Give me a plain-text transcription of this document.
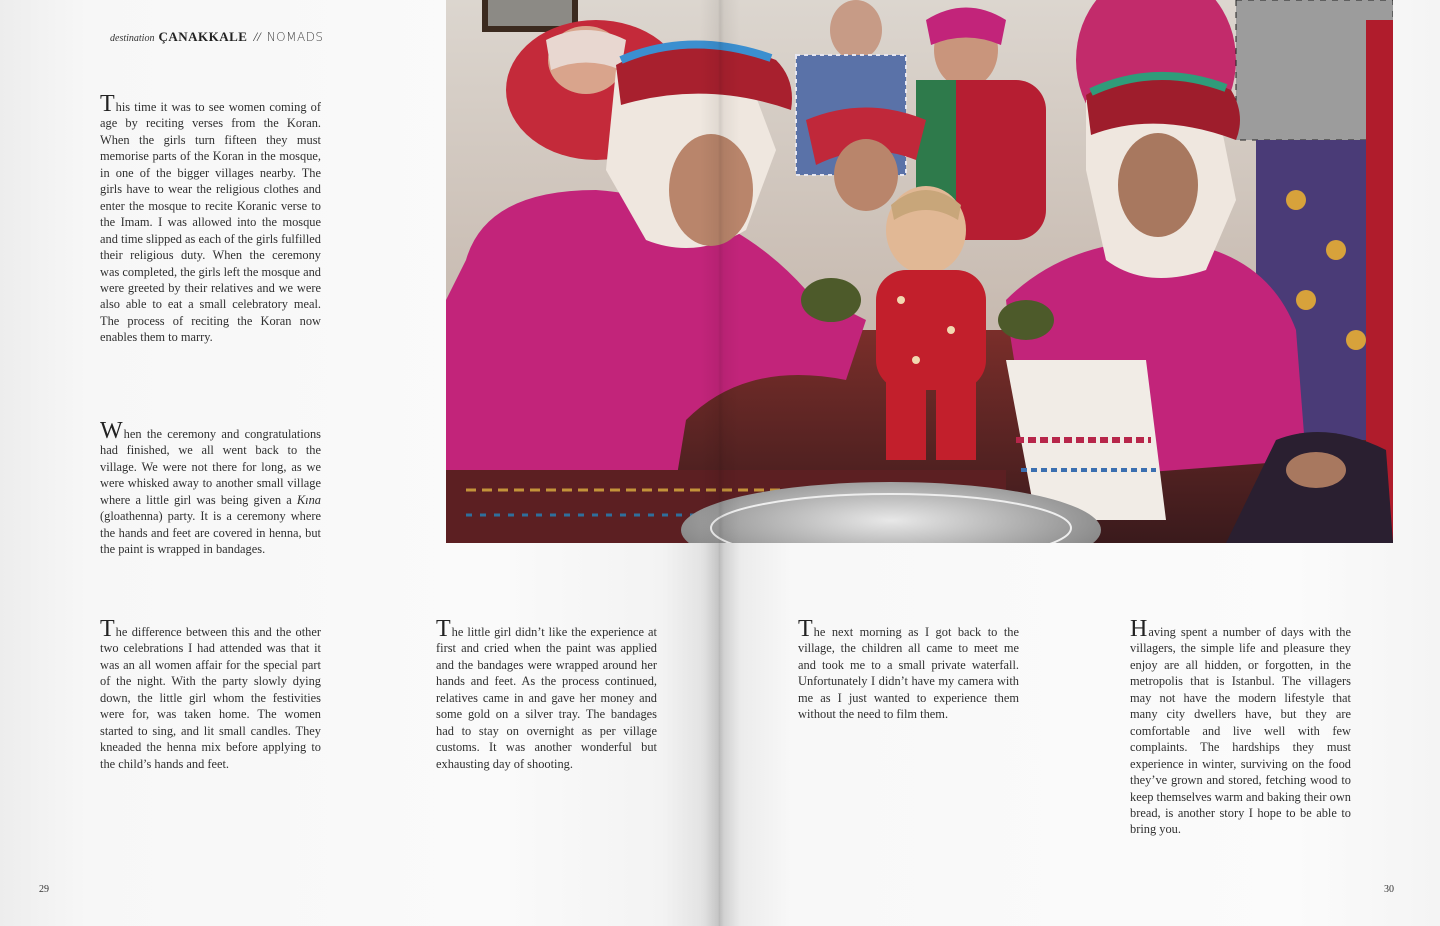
destination ÇANAKKALE // NOMADS
This time it was to see women coming of age by reciting verses from the Koran. When the girls turn fifteen they must memorise parts of the Koran in the mosque, in one of the bigger villages nearby. The girls have to wear the religious clothes and enter the mosque to recite Koranic verse to the Imam. I was allowed into the mosque and time slipped as each of the girls fulfilled their religious duty. When the ceremony was completed, the girls left the mosque and were greeted by their relatives and we were also able to eat a small celebratory meal. The process of reciting the Koran now enables them to marry.
When the ceremony and congratulations had finished, we all went back to the village. We were not there for long, as we were whisked away to another small village where a little girl was being given a Kına (gloathenna) party. It is a ceremony where the hands and feet are covered in henna, but the paint is wrapped in bandages.
The difference between this and the other two celebrations I had attended was that it was an all women affair for the special part of the night. With the party slowly dying down, the little girl whom the festivities were for, was taken home. The women started to sing, and lit small candles. They kneaded the henna mix before applying to the child’s hands and feet.
The little girl didn’t like the experience at first and cried when the paint was applied and the bandages were wrapped around her hands and feet. As the process continued, relatives came in and gave her money and some gold on a silver tray. The bandages had to stay on overnight as per village customs. It was another wonderful but exhausting day of shooting.
The next morning as I got back to the village, the children all came to meet me and took me to a small private waterfall. Unfortunately I didn’t have my camera with me as I just wanted to experience them without the need to film them.
Having spent a number of days with the villagers, the simple life and pleasure they enjoy are all hidden, or forgotten, in the metropolis that is Istanbul. The villagers may not have the modern lifestyle that many city dwellers have, but they are comfortable and live well with few complaints. The hardships they must experience in winter, surviving on the food they’ve grown and stored, fetching wood to keep themselves warm and baking their own bread, is another story I hope to be able to bring you.
29	30
